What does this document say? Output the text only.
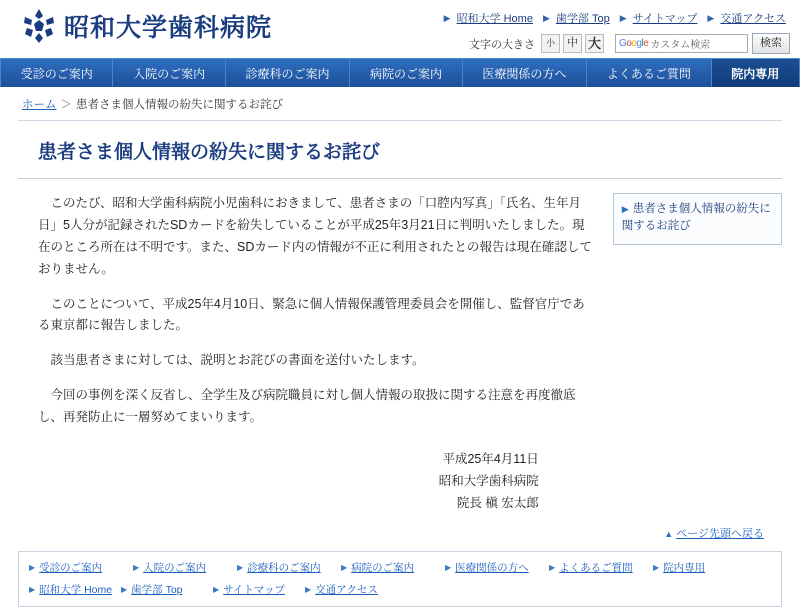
昭和大学歯科病院	▶ 昭和大学 Home ▶ 歯学部 Top ▶ サイトマップ ▶ 交通アクセス
文字の大きさ	小	中 大	Google カスタム検索	検索
受診のご案内	入院のご案内	診療科のご案内	病院のご案内	医療関係の方へ	よくあるご質問	院内専用
ホーム ＞ 患者さま個人情報の紛失に関するお詫び
患者さま個人情報の紛失に関するお詫び

このたび、昭和大学歯科病院小児歯科におきまして、患者さまの「口腔内写真」「氏名、生年月日」5人分が記録されたSDカードを紛失していることが平成25年3月21日に判明いたしました。現在のところ所在は不明です。また、SDカード内の情報が不正に利用されたとの報告は現在確認しておりません。

このことについて、平成25年4月10日、緊急に個人情報保護管理委員会を開催し、監督官庁である東京都に報告しました。

該当患者さまに対しては、説明とお詫びの書面を送付いたします。

今回の事例を深く反省し、全学生及び病院職員に対し個人情報の取扱に関する注意を再度徹底し、再発防止に一層努めてまいります。

平成25年4月11日
昭和大学歯科病院
院長 槇 宏太郎
▶ 患者さま個人情報の紛失に関するお詫び
▲ ページ先頭へ戻る
▶ 受診のご案内	▶ 入院のご案内	▶ 診療科のご案内	▶ 病院のご案内	▶ 医療関係の方へ	▶ よくあるご質問	▶ 院内専用
▶ 昭和大学 Home ▶ 歯学部 Top	▶ サイトマップ ▶ 交通アクセス
